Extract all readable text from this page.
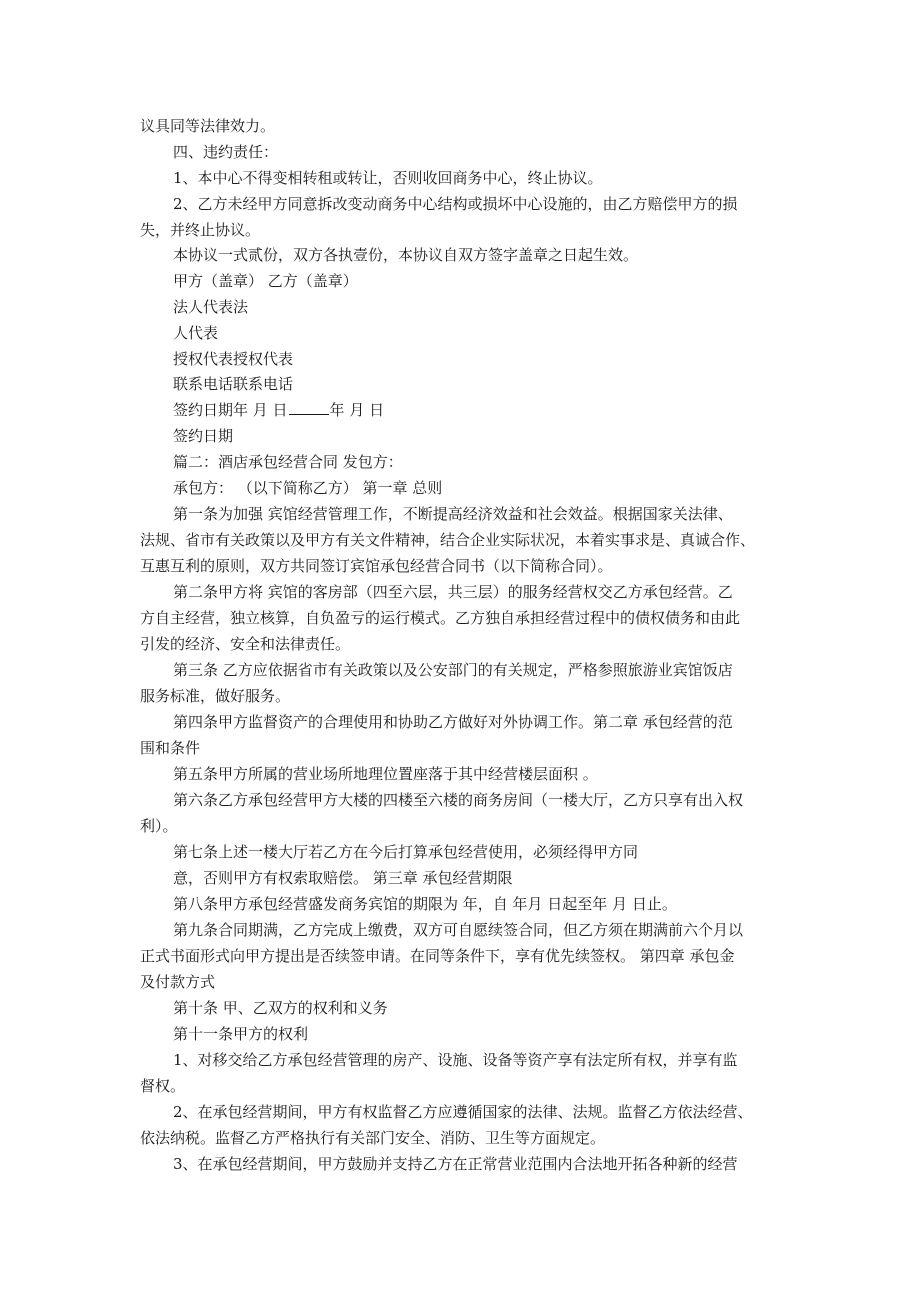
议具同等法律效力。
四、违约责任：
1、本中心不得变相转租或转让，否则收回商务中心，终止协议。
2、乙方未经甲方同意拆改变动商务中心结构或损坏中心设施的，由乙方赔偿甲方的损
失，并终止协议。
本协议一式贰份，双方各执壹份，本协议自双方签字盖章之日起生效。
甲方（盖章） 乙方（盖章）
法人代表法
人代表
授权代表授权代表
联系电话联系电话
签约日期年 月 日	年 月 日
签约日期
篇二：酒店承包经营合同 发包方：
承包方： （以下简称乙方） 第一章 总则
第一条为加强 宾馆经营管理工作，不断提高经济效益和社会效益。根据国家关法律、
法规、省市有关政策以及甲方有关文件精神，结合企业实际状况，本着实事求是、真诚合作、
互惠互利的原则，双方共同签订宾馆承包经营合同书（以下简称合同）。
第二条甲方将 宾馆的客房部（四至六层，共三层）的服务经营权交乙方承包经营。乙
方自主经营，独立核算，自负盈亏的运行模式。乙方独自承担经营过程中的债权债务和由此
引发的经济、安全和法律责任。
第三条 乙方应依据省市有关政策以及公安部门的有关规定，严格参照旅游业宾馆饭店
服务标准，做好服务。
第四条甲方监督资产的合理使用和协助乙方做好对外协调工作。第二章 承包经营的范
围和条件
第五条甲方所属的营业场所地理位置座落于其中经营楼层面积 。
第六条乙方承包经营甲方大楼的四楼至六楼的商务房间（一楼大厅，乙方只享有出入权
利）。
第七条上述一楼大厅若乙方在今后打算承包经营使用，必须经得甲方同
意，否则甲方有权索取赔偿。 第三章 承包经营期限
第八条甲方承包经营盛发商务宾馆的期限为 年，自 年月 日起至年 月 日止。
第九条合同期满，乙方完成上缴费，双方可自愿续签合同，但乙方须在期满前六个月以
正式书面形式向甲方提出是否续签申请。在同等条件下，享有优先续签权。 第四章 承包金
及付款方式
第十条 甲、乙双方的权利和义务
第十一条甲方的权利
1、对移交给乙方承包经营管理的房产、设施、设备等资产享有法定所有权，并享有监
督权。
2、在承包经营期间，甲方有权监督乙方应遵循国家的法律、法规。监督乙方依法经营、
依法纳税。监督乙方严格执行有关部门安全、消防、卫生等方面规定。
3、在承包经营期间，甲方鼓励并支持乙方在正常营业范围内合法地开拓各种新的经营
